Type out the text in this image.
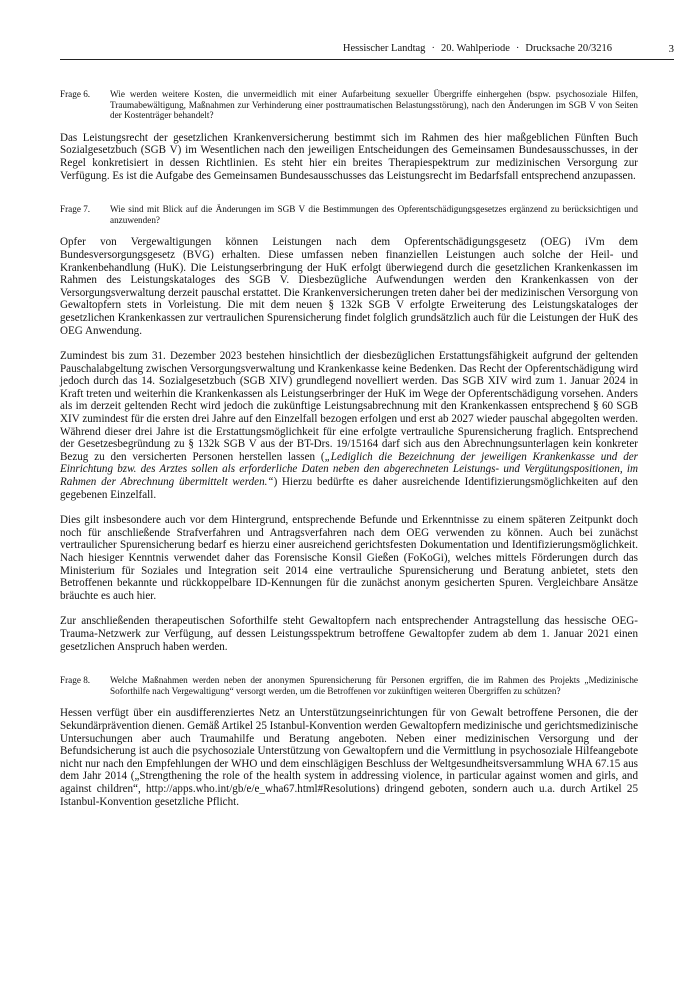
Hessischer Landtag · 20. Wahlperiode · Drucksache 20/3216	3
Frage 6.	Wie werden weitere Kosten, die unvermeidlich mit einer Aufarbeitung sexueller Übergriffe einhergehen (bspw. psychosoziale Hilfen, Traumabewältigung, Maßnahmen zur Verhinderung einer posttraumatischen Belastungsstörung), nach den Änderungen im SGB V von Seiten der Kostenträger behandelt?

Das Leistungsrecht der gesetzlichen Krankenversicherung bestimmt sich im Rahmen des hier maßgeblichen Fünften Buch Sozialgesetzbuch (SGB V) im Wesentlichen nach den jeweiligen Entscheidungen des Gemeinsamen Bundesausschusses, in der Regel konkretisiert in dessen Richtlinien. Es steht hier ein breites Therapiespektrum zur medizinischen Versorgung zur Verfügung. Es ist die Aufgabe des Gemeinsamen Bundesausschusses das Leistungsrecht im Bedarfsfall entsprechend anzupassen.

Frage 7.	Wie sind mit Blick auf die Änderungen im SGB V die Bestimmungen des Opferentschädigungsgesetzes ergänzend zu berücksichtigen und anzuwenden?

Opfer von Vergewaltigungen können Leistungen nach dem Opferentschädigungsgesetz (OEG) iVm dem Bundesversorgungsgesetz (BVG) erhalten. Diese umfassen neben finanziellen Leistungen auch solche der Heil- und Krankenbehandlung (HuK). Die Leistungserbringung der HuK erfolgt überwiegend durch die gesetzlichen Krankenkassen im Rahmen des Leistungskataloges des SGB V. Diesbezügliche Aufwendungen werden den Krankenkassen von der Versorgungsverwaltung derzeit pauschal erstattet. Die Krankenversicherungen treten daher bei der medizinischen Versorgung von Gewaltopfern stets in Vorleistung. Die mit dem neuen § 132k SGB V erfolgte Erweiterung des Leistungskataloges der gesetzlichen Krankenkassen zur vertraulichen Spurensicherung findet folglich grundsätzlich auch für die Leistungen der HuK des OEG Anwendung.

Zumindest bis zum 31. Dezember 2023 bestehen hinsichtlich der diesbezüglichen Erstattungsfähigkeit aufgrund der geltenden Pauschalabgeltung zwischen Versorgungsverwaltung und Krankenkasse keine Bedenken. Das Recht der Opferentschädigung wird jedoch durch das 14. Sozialgesetzbuch (SGB XIV) grundlegend novelliert werden. Das SGB XIV wird zum 1. Januar 2024 in Kraft treten und weiterhin die Krankenkassen als Leistungserbringer der HuK im Wege der Opferentschädigung vorsehen. Anders als im derzeit geltenden Recht wird jedoch die zukünftige Leistungsabrechnung mit den Krankenkassen entsprechend § 60 SGB XIV zumindest für die ersten drei Jahre auf den Einzelfall bezogen erfolgen und erst ab 2027 wieder pauschal abgegolten werden. Während dieser drei Jahre ist die Erstattungsmöglichkeit für eine erfolgte vertrauliche Spurensicherung fraglich. Entsprechend der Gesetzesbegründung zu § 132k SGB V aus der BT-Drs. 19/15164 darf sich aus den Abrechnungsunterlagen kein konkreter Bezug zu den versicherten Personen herstellen lassen („Lediglich die Bezeichnung der jeweiligen Krankenkasse und der Einrichtung bzw. des Arztes sollen als erforderliche Daten neben den abgerechneten Leistungs- und Vergütungspositionen, im Rahmen der Abrechnung übermittelt werden.“) Hierzu bedürfte es daher ausreichende Identifizierungsmöglichkeiten auf den gegebenen Einzelfall.

Dies gilt insbesondere auch vor dem Hintergrund, entsprechende Befunde und Erkenntnisse zu einem späteren Zeitpunkt doch noch für anschließende Strafverfahren und Antragsverfahren nach dem OEG verwenden zu können. Auch bei zunächst vertraulicher Spurensicherung bedarf es hierzu einer ausreichend gerichtsfesten Dokumentation und Identifizierungsmöglichkeit. Nach hiesiger Kenntnis verwendet daher das Forensische Konsil Gießen (FoKoGi), welches mittels Förderungen durch das Ministerium für Soziales und Integration seit 2014 eine vertrauliche Spurensicherung und Beratung anbietet, stets den Betroffenen bekannte und rückkoppelbare ID-Kennungen für die zunächst anonym gesicherten Spuren. Vergleichbare Ansätze bräuchte es auch hier.

Zur anschließenden therapeutischen Soforthilfe steht Gewaltopfern nach entsprechender Antragstellung das hessische OEG-Trauma-Netzwerk zur Verfügung, auf dessen Leistungsspektrum betroffene Gewaltopfer zudem ab dem 1. Januar 2021 einen gesetzlichen Anspruch haben werden.

Frage 8.	Welche Maßnahmen werden neben der anonymen Spurensicherung für Personen ergriffen, die im Rahmen des Projekts „Medizinische Soforthilfe nach Vergewaltigung“ versorgt werden, um die Betroffenen vor zukünftigen weiteren Übergriffen zu schützen?

Hessen verfügt über ein ausdifferenziertes Netz an Unterstützungseinrichtungen für von Gewalt betroffene Personen, die der Sekundärprävention dienen. Gemäß Artikel 25 Istanbul-Konvention werden Gewaltopfern medizinische und gerichtsmedizinische Untersuchungen aber auch Traumahilfe und Beratung angeboten. Neben einer medizinischen Versorgung und der Befundsicherung ist auch die psychosoziale Unterstützung von Gewaltopfern und die Vermittlung in psychosoziale Hilfeangebote nicht nur nach den Empfehlungen der WHO und dem einschlägigen Beschluss der Weltgesundheitsversammlung WHA 67.15 aus dem Jahr 2014 („Strengthening the role of the health system in addressing violence, in particular against women and girls, and against children“, http://apps.who.int/gb/e/e_wha67.html#Resolutions) dringend geboten, sondern auch u.a. durch Artikel 25 Istanbul-Konvention gesetzliche Pflicht.
